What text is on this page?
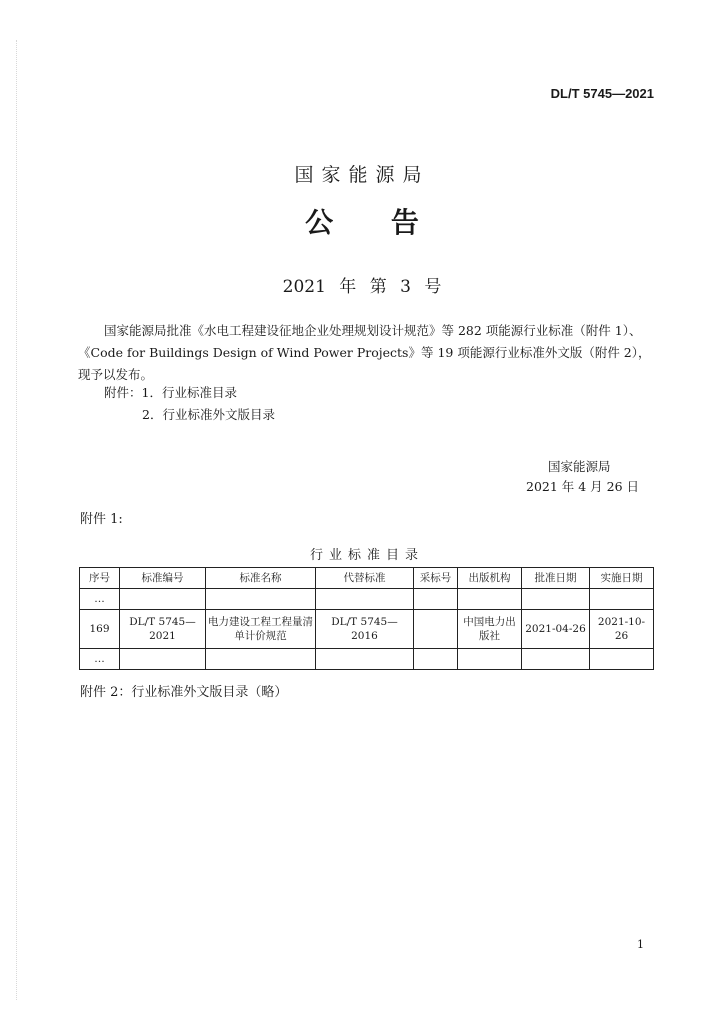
DL/T 5745—2021
国家能源局
公 告
2021 年 第 3 号
国家能源局批准《水电工程建设征地企业处理规划设计规范》等 282 项能源行业标准（附件 1）、《Code for Buildings Design of Wind Power Projects》等 19 项能源行业标准外文版（附件 2），现予以发布。
附件：1．行业标准目录
2．行业标准外文版目录
国家能源局
2021 年 4 月 26 日
附件 1:
行业标准目录
序号	标准编号	标准名称	代替标准	采标号	出版机构	批准日期	实施日期
…							
169	DL/T 5745—2021	电力建设工程工程量清单计价规范	DL/T 5745—2016		中国电力出版社	2021-04-26	2021-10-26
…							
附件 2：行业标准外文版目录（略）
1
